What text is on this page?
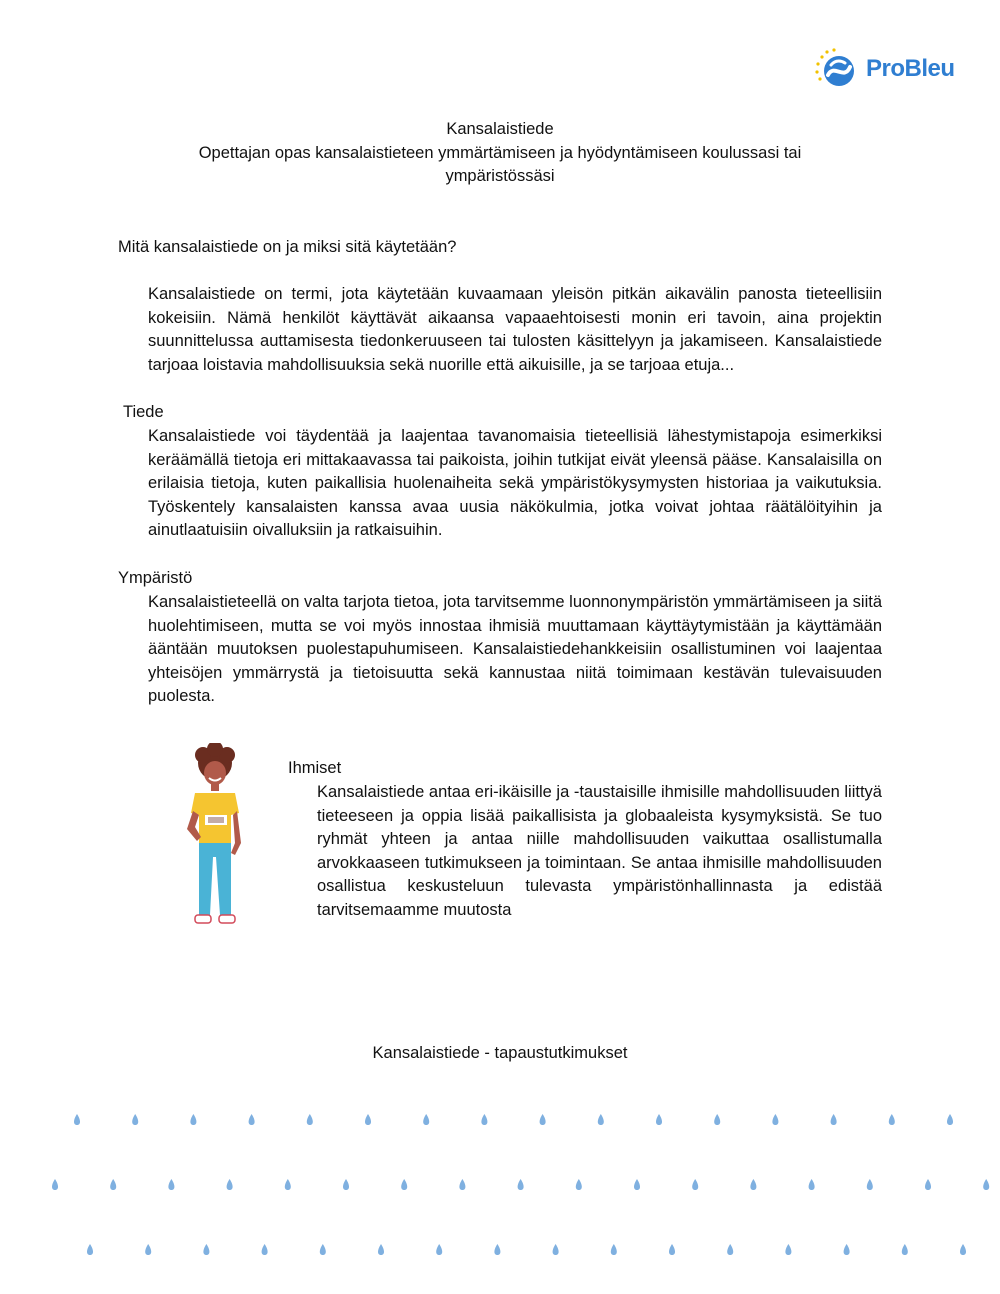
ProBleu
Kansalaistiede
Opettajan opas kansalaistieteen ymmärtämiseen ja hyödyntämiseen koulussasi tai
ympäristössäsi
Mitä kansalaistiede on ja miksi sitä käytetään?
Kansalaistiede on termi, jota käytetään kuvaamaan yleisön pitkän aikavälin panosta tieteellisiin kokeisiin. Nämä henkilöt käyttävät aikaansa vapaaehtoisesti monin eri tavoin, aina projektin suunnittelussa auttamisesta tiedonkeruuseen tai tulosten käsittelyyn ja jakamiseen. Kansalaistiede tarjoaa loistavia mahdollisuuksia sekä nuorille että aikuisille, ja se tarjoaa etuja...
Tiede
Kansalaistiede voi täydentää ja laajentaa tavanomaisia tieteellisiä lähestymistapoja esimerkiksi keräämällä tietoja eri mittakaavassa tai paikoista, joihin tutkijat eivät yleensä pääse. Kansalaisilla on erilaisia tietoja, kuten paikallisia huolenaiheita sekä ympäristökysymysten historiaa ja vaikutuksia. Työskentely kansalaisten kanssa avaa uusia näkökulmia, jotka voivat johtaa räätälöityihin ja ainutlaatuisiin oivalluksiin ja ratkaisuihin.
Ympäristö
Kansalaistieteellä on valta tarjota tietoa, jota tarvitsemme luonnonympäristön ymmärtämiseen ja siitä huolehtimiseen, mutta se voi myös innostaa ihmisiä muuttamaan käyttäytymistään ja käyttämään ääntään muutoksen puolestapuhumiseen. Kansalaistiedehankkeisiin osallistuminen voi laajentaa yhteisöjen ymmärrystä ja tietoisuutta sekä kannustaa niitä toimimaan kestävän tulevaisuuden puolesta.
Ihmiset
Kansalaistiede antaa eri-ikäisille ja -taustaisille ihmisille mahdollisuuden liittyä tieteeseen ja oppia lisää paikallisista ja globaaleista kysymyksistä. Se tuo ryhmät yhteen ja antaa niille mahdollisuuden vaikuttaa osallistumalla arvokkaaseen tutkimukseen ja toimintaan. Se antaa ihmisille mahdollisuuden osallistua keskusteluun tulevasta ympäristönhallinnasta ja edistää tarvitsemaamme muutosta
Kansalaistiede - tapaustutkimukset
